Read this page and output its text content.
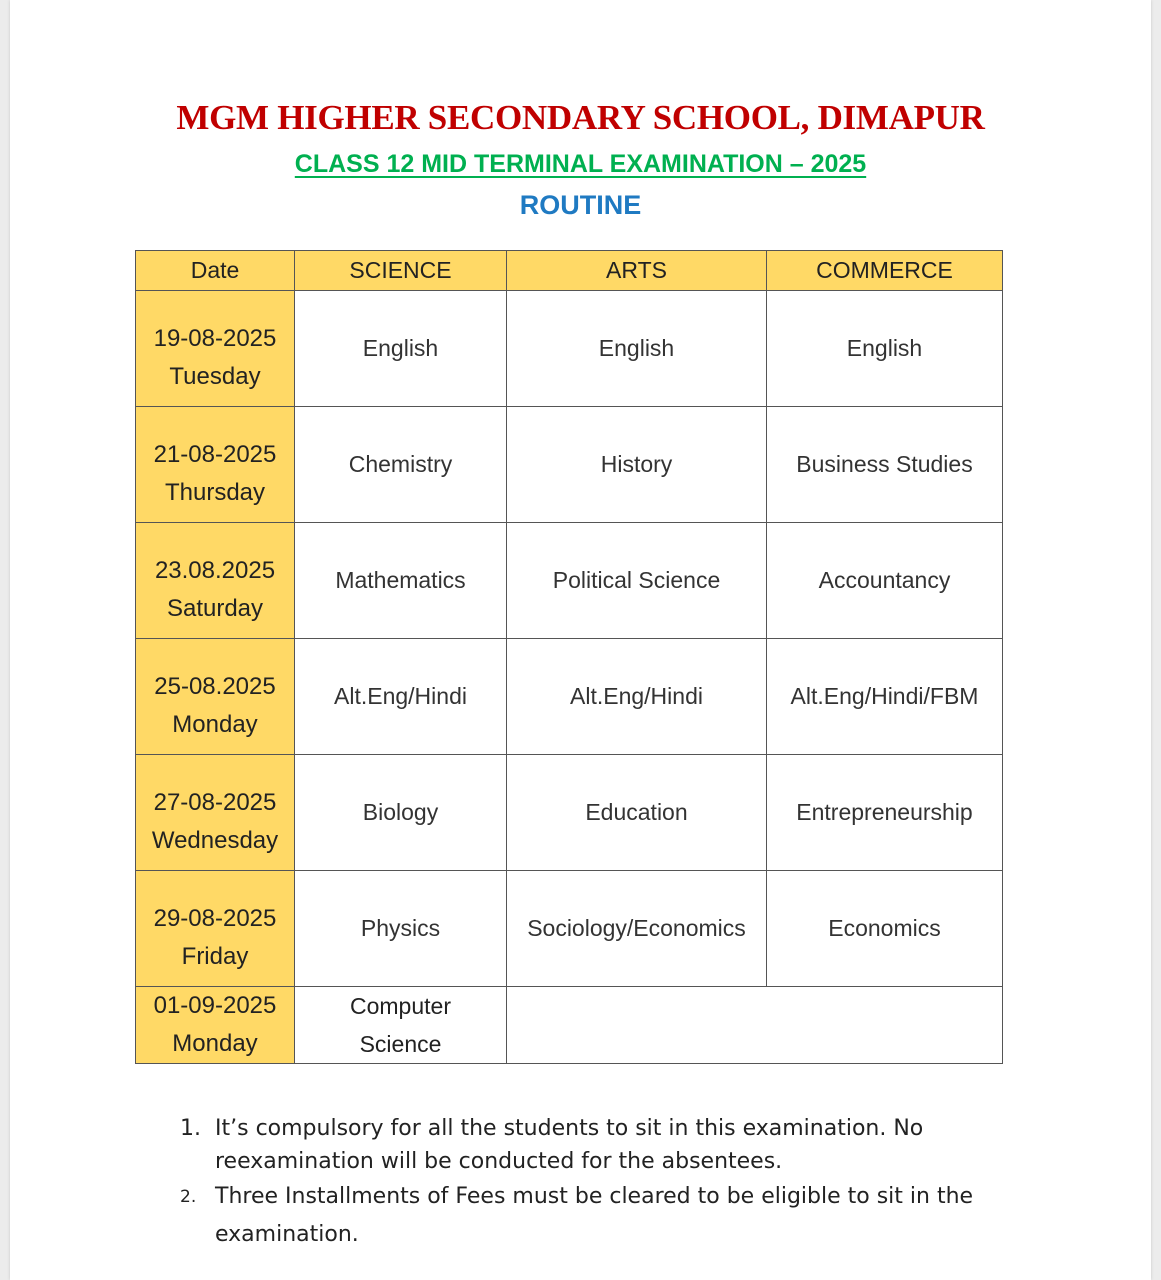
MGM HIGHER SECONDARY SCHOOL, DIMAPUR
CLASS 12 MID TERMINAL EXAMINATION – 2025
ROUTINE
Date	SCIENCE	ARTS	COMMERCE
19-08-2025
Tuesday	English	English	English
21-08-2025
Thursday	Chemistry	History	Business Studies
23.08.2025
Saturday	Mathematics	Political Science	Accountancy
25-08.2025
Monday	Alt.Eng/Hindi	Alt.Eng/Hindi	Alt.Eng/Hindi/FBM
27-08-2025
Wednesday	Biology	Education	Entrepreneurship
29-08-2025
Friday	Physics	Sociology/Economics	Economics
01-09-2025
Monday	Computer
Science		
1. It’s compulsory for all the students to sit in this examination. No
reexamination will be conducted for the absentees.
2. Three Installments of Fees must be cleared to be eligible to sit in the
examination.
